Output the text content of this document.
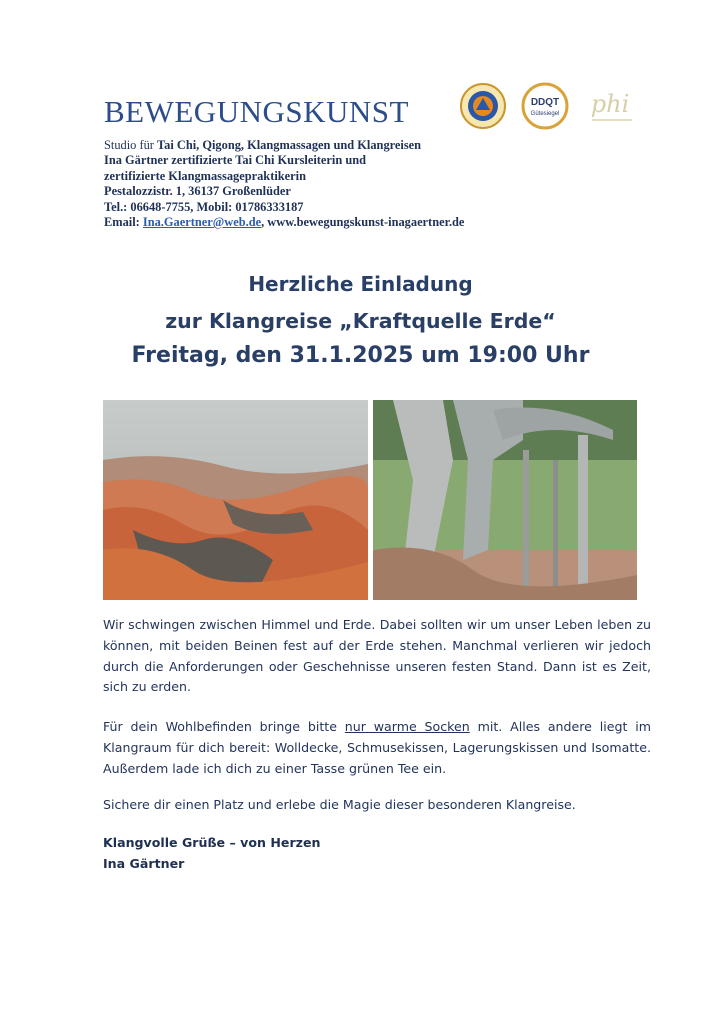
BEWEGUNGSKUNST	DDQT
Gütesiegel phi
Studio für Tai Chi, Qigong, Klangmassagen und Klangreisen
Ina Gärtner zertifizierte Tai Chi Kursleiterin und
zertifizierte Klangmassagepraktikerin
Pestalozzistr. 1, 36137 Großenlüder
Tel.: 06648-7755, Mobil: 01786333187
Email: Ina.Gaertner@web.de, www.bewegungskunst-inagaertner.de
Herzliche Einladung
zur Klangreise „Kraftquelle Erde“
Freitag, den 31.1.2025 um 19:00 Uhr
Wir schwingen zwischen Himmel und Erde. Dabei sollten wir um unser Leben leben zu können, mit beiden Beinen fest auf der Erde stehen. Manchmal verlieren wir jedoch durch die Anforderungen oder Geschehnisse unseren festen Stand. Dann ist es Zeit, sich zu erden.
Für dein Wohlbefinden bringe bitte nur warme Socken mit. Alles andere liegt im Klangraum für dich bereit: Wolldecke, Schmusekissen, Lagerungskissen und Isomatte. Außerdem lade ich dich zu einer Tasse grünen Tee ein.
Sichere dir einen Platz und erlebe die Magie dieser besonderen Klangreise.
Klangvolle Grüße – von Herzen
Ina Gärtner
